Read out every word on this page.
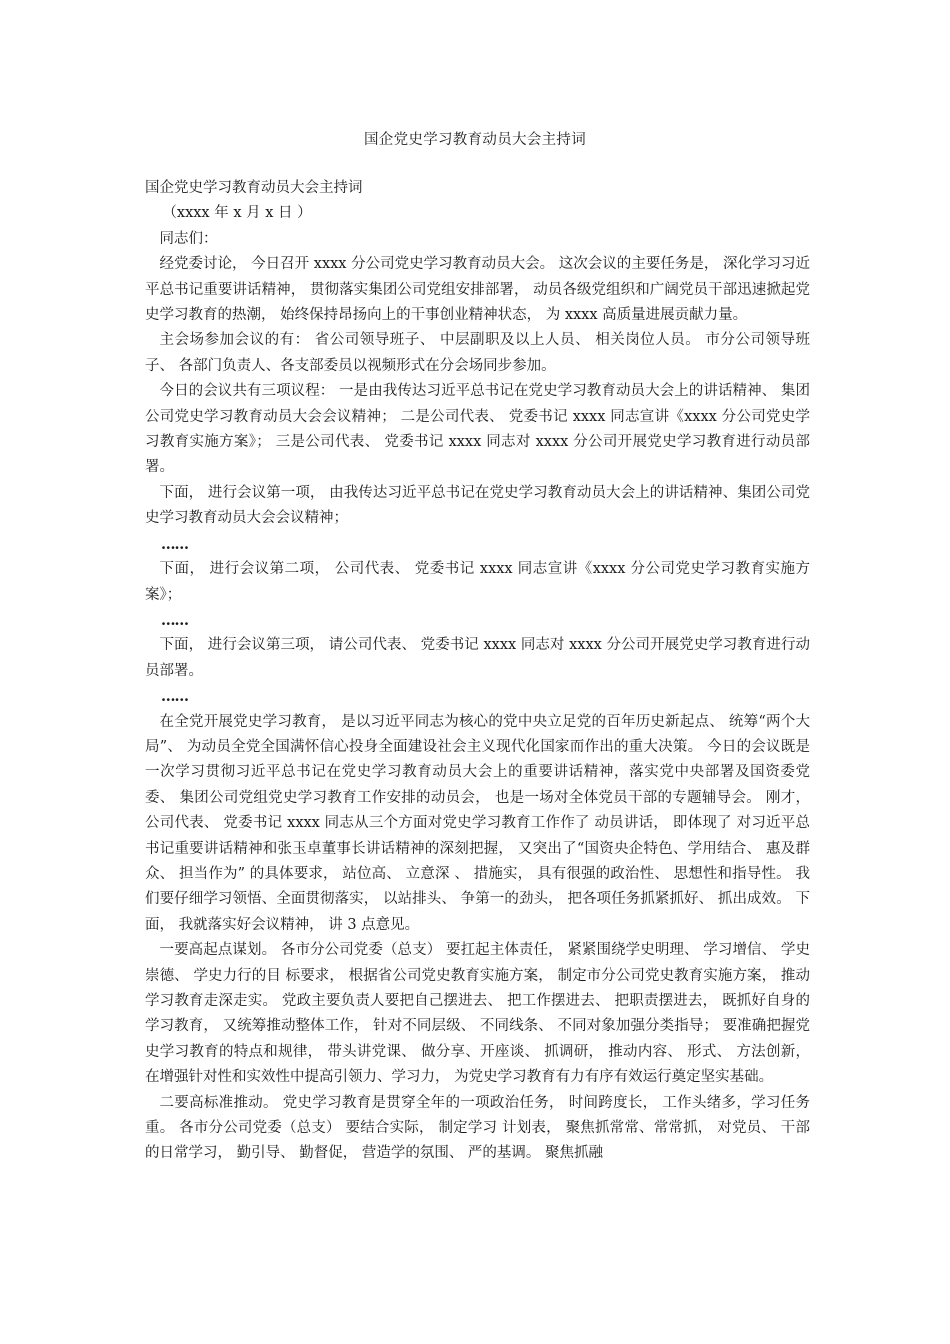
国企党史学习教育动员大会主持词

国企党史学习教育动员大会主持词

（xxxx 年 x 月 x 日 ）

同志们：

经党委讨论， 今日召开 xxxx 分公司党史学习教育动员大会。 这次会议的主要任务是， 深化学习习近平总书记重要讲话精神， 贯彻落实集团公司党组安排部署， 动员各级党组织和广阔党员干部迅速掀起党史学习教育的热潮， 始终保持昂扬向上的干事创业精神状态， 为 xxxx 高质量进展贡献力量。

主会场参加会议的有： 省公司领导班子、 中层副职及以上人员、 相关岗位人员。 市分公司领导班子、 各部门负责人、各支部委员以视频形式在分会场同步参加。

今日的会议共有三项议程： 一是由我传达习近平总书记在党史学习教育动员大会上的讲话精神、 集团公司党史学习教育动员大会会议精神； 二是公司代表、 党委书记 xxxx 同志宣讲《xxxx 分公司党史学习教育实施方案》； 三是公司代表、 党委书记 xxxx 同志对 xxxx 分公司开展党史学习教育进行动员部署。

下面， 进行会议第一项， 由我传达习近平总书记在党史学习教育动员大会上的讲话精神、集团公司党史学习教育动员大会会议精神；

……

下面， 进行会议第二项， 公司代表、 党委书记 xxxx 同志宣讲《xxxx 分公司党史学习教育实施方案》；

……

下面， 进行会议第三项， 请公司代表、 党委书记 xxxx 同志对 xxxx 分公司开展党史学习教育进行动员部署。

……

在全党开展党史学习教育， 是以习近平同志为核心的党中央立足党的百年历史新起点、 统筹“两个大局”、 为动员全党全国满怀信心投身全面建设社会主义现代化国家而作出的重大决策。 今日的会议既是一次学习贯彻习近平总书记在党史学习教育动员大会上的重要讲话精神，落实党中央部署及国资委党委、 集团公司党组党史学习教育工作安排的动员会， 也是一场对全体党员干部的专题辅导会。 刚才， 公司代表、 党委书记 xxxx 同志从三个方面对党史学习教育工作作了 动员讲话， 即体现了 对习近平总书记重要讲话精神和张玉卓董事长讲话精神的深刻把握， 又突出了“国资央企特色、学用结合、 惠及群众、 担当作为” 的具体要求， 站位高、 立意深 、 措施实， 具有很强的政治性、 思想性和指导性。 我们要仔细学习领悟、全面贯彻落实， 以站排头、 争第一的劲头， 把各项任务抓紧抓好、 抓出成效。 下面， 我就落实好会议精神， 讲 3 点意见。

一要高起点谋划。 各市分公司党委（总支） 要扛起主体责任， 紧紧围绕学史明理、 学习增信、 学史崇德、 学史力行的目 标要求， 根据省公司党史教育实施方案， 制定市分公司党史教育实施方案， 推动学习教育走深走实。 党政主要负责人要把自己摆进去、 把工作摆进去、 把职责摆进去， 既抓好自身的学习教育， 又统筹推动整体工作， 针对不同层级、 不同线条、 不同对象加强分类指导； 要准确把握党史学习教育的特点和规律， 带头讲党课、 做分享、开座谈、 抓调研， 推动内容、 形式、 方法创新， 在增强针对性和实效性中提高引领力、学习力， 为党史学习教育有力有序有效运行奠定坚实基础。

二要高标准推动。 党史学习教育是贯穿全年的一项政治任务， 时间跨度长， 工作头绪多，学习任务重。 各市分公司党委（总支） 要结合实际， 制定学习 计划表， 聚焦抓常常、常常抓， 对党员、 干部的日常学习， 勤引导、 勤督促， 营造学的氛围、 严的基调。 聚焦抓融
